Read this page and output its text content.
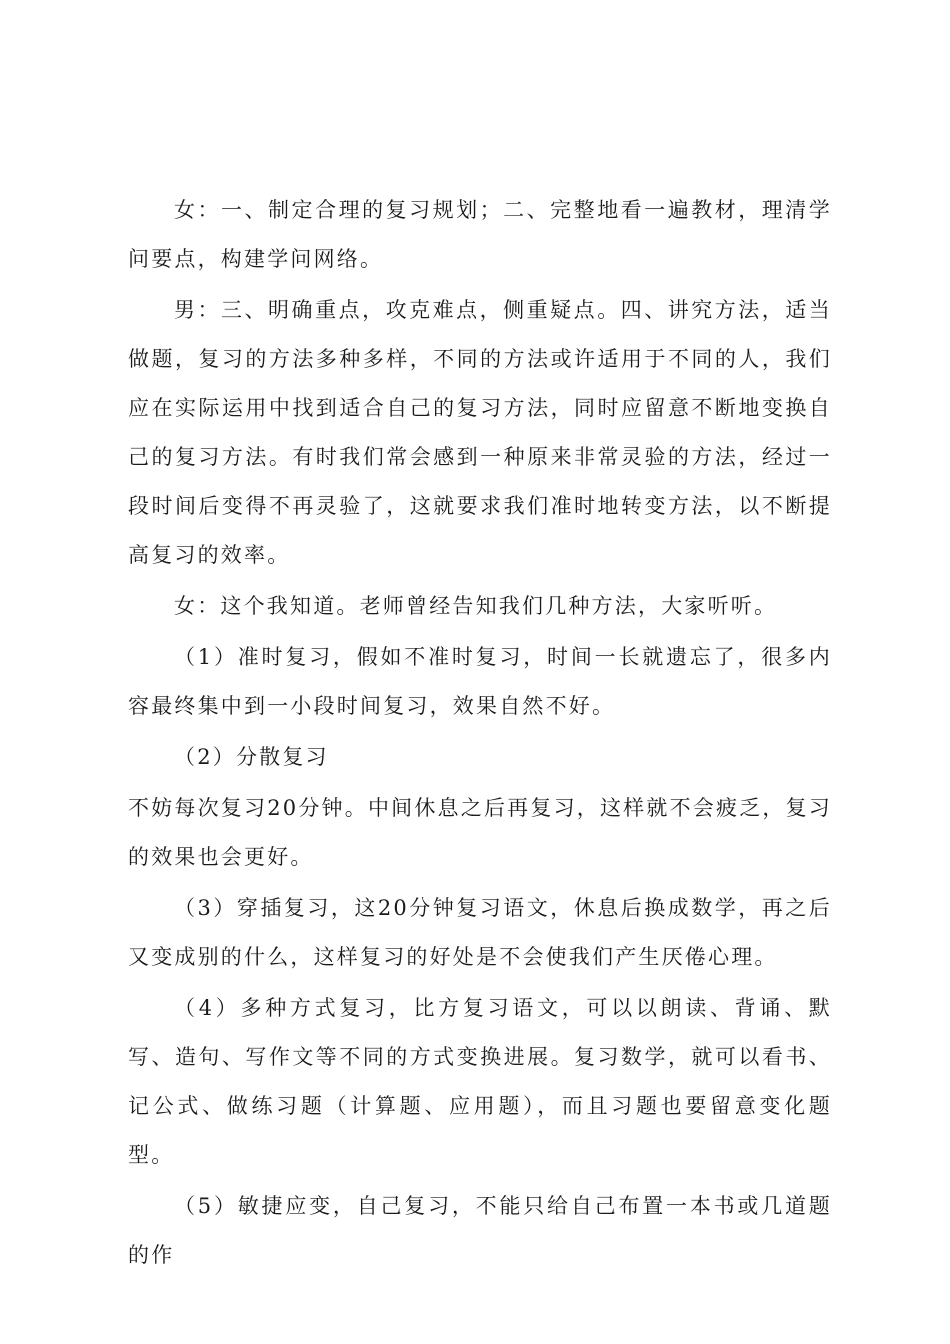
女：一、制定合理的复习规划；二、完整地看一遍教材，理清学问要点，构建学问网络。

男：三、明确重点，攻克难点，侧重疑点。四、讲究方法，适当做题，复习的方法多种多样，不同的方法或许适用于不同的人，我们应在实际运用中找到适合自己的复习方法，同时应留意不断地变换自己的复习方法。有时我们常会感到一种原来非常灵验的方法，经过一段时间后变得不再灵验了，这就要求我们准时地转变方法，以不断提高复习的效率。

女：这个我知道。老师曾经告知我们几种方法，大家听听。

（1）准时复习，假如不准时复习，时间一长就遗忘了，很多内容最终集中到一小段时间复习，效果自然不好。

（2）分散复习

不妨每次复习20分钟。中间休息之后再复习，这样就不会疲乏，复习的效果也会更好。

（3）穿插复习，这20分钟复习语文，休息后换成数学，再之后又变成别的什么，这样复习的好处是不会使我们产生厌倦心理。

（4）多种方式复习，比方复习语文，可以以朗读、背诵、默写、造句、写作文等不同的方式变换进展。复习数学，就可以看书、记公式、做练习题（计算题、应用题），而且习题也要留意变化题型。

（5）敏捷应变，自己复习，不能只给自己布置一本书或几道题的作
